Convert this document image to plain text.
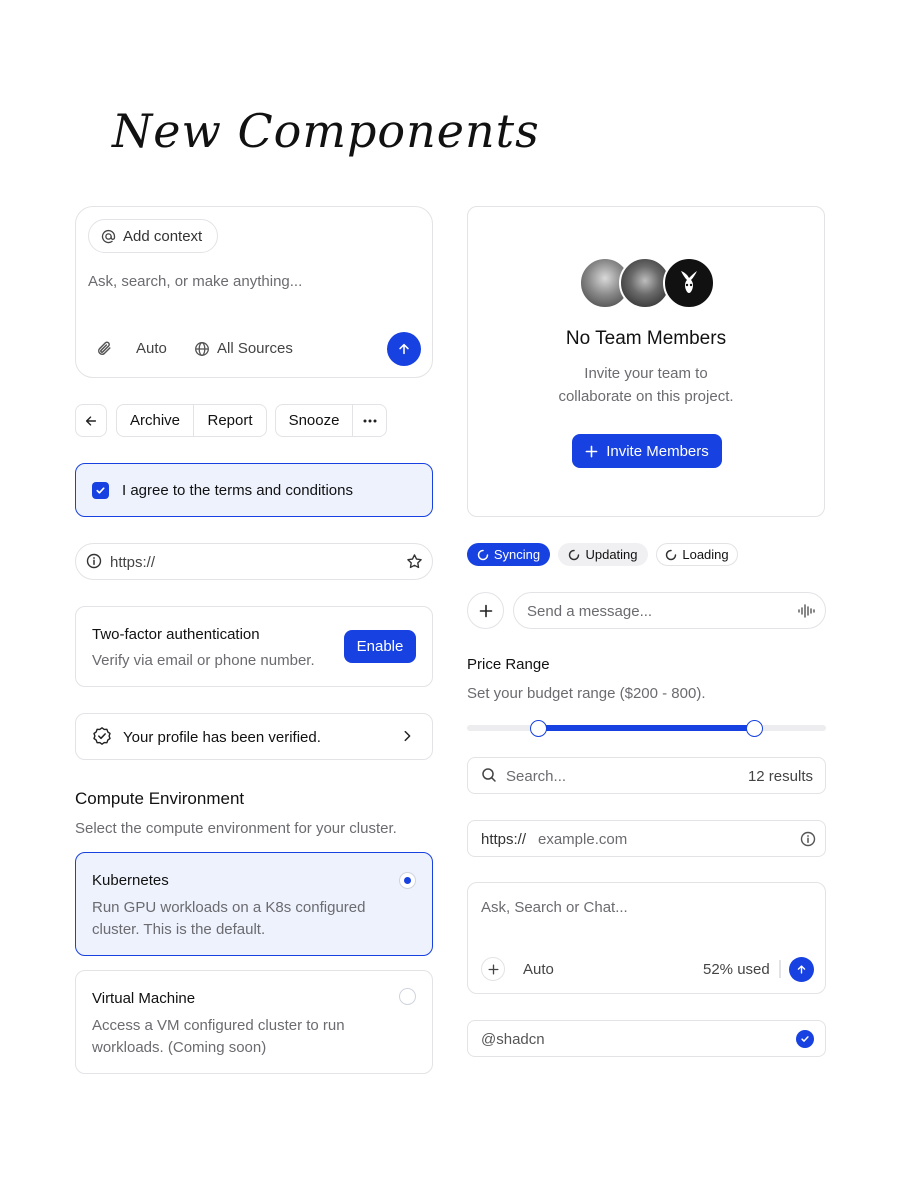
New Components
Add context
Ask, search, or make anything...
Auto	All Sources
Archive	Report	Snooze
I agree to the terms and conditions
https://
Two-factor authentication
Verify via email or phone number.
Enable
Your profile has been verified.
Compute Environment
Select the compute environment for your cluster.
Kubernetes
Run GPU workloads on a K8s configured
cluster. This is the default.
Virtual Machine
Access a VM configured cluster to run
workloads. (Coming soon)
No Team Members
Invite your team to
collaborate on this project.
Invite Members
Syncing	Updating	Loading
Send a message...
Price Range
Set your budget range ($200 - 800).
Search...	12 results
https:// example.com
Ask, Search or Chat...
Auto	52% used
@shadcn
